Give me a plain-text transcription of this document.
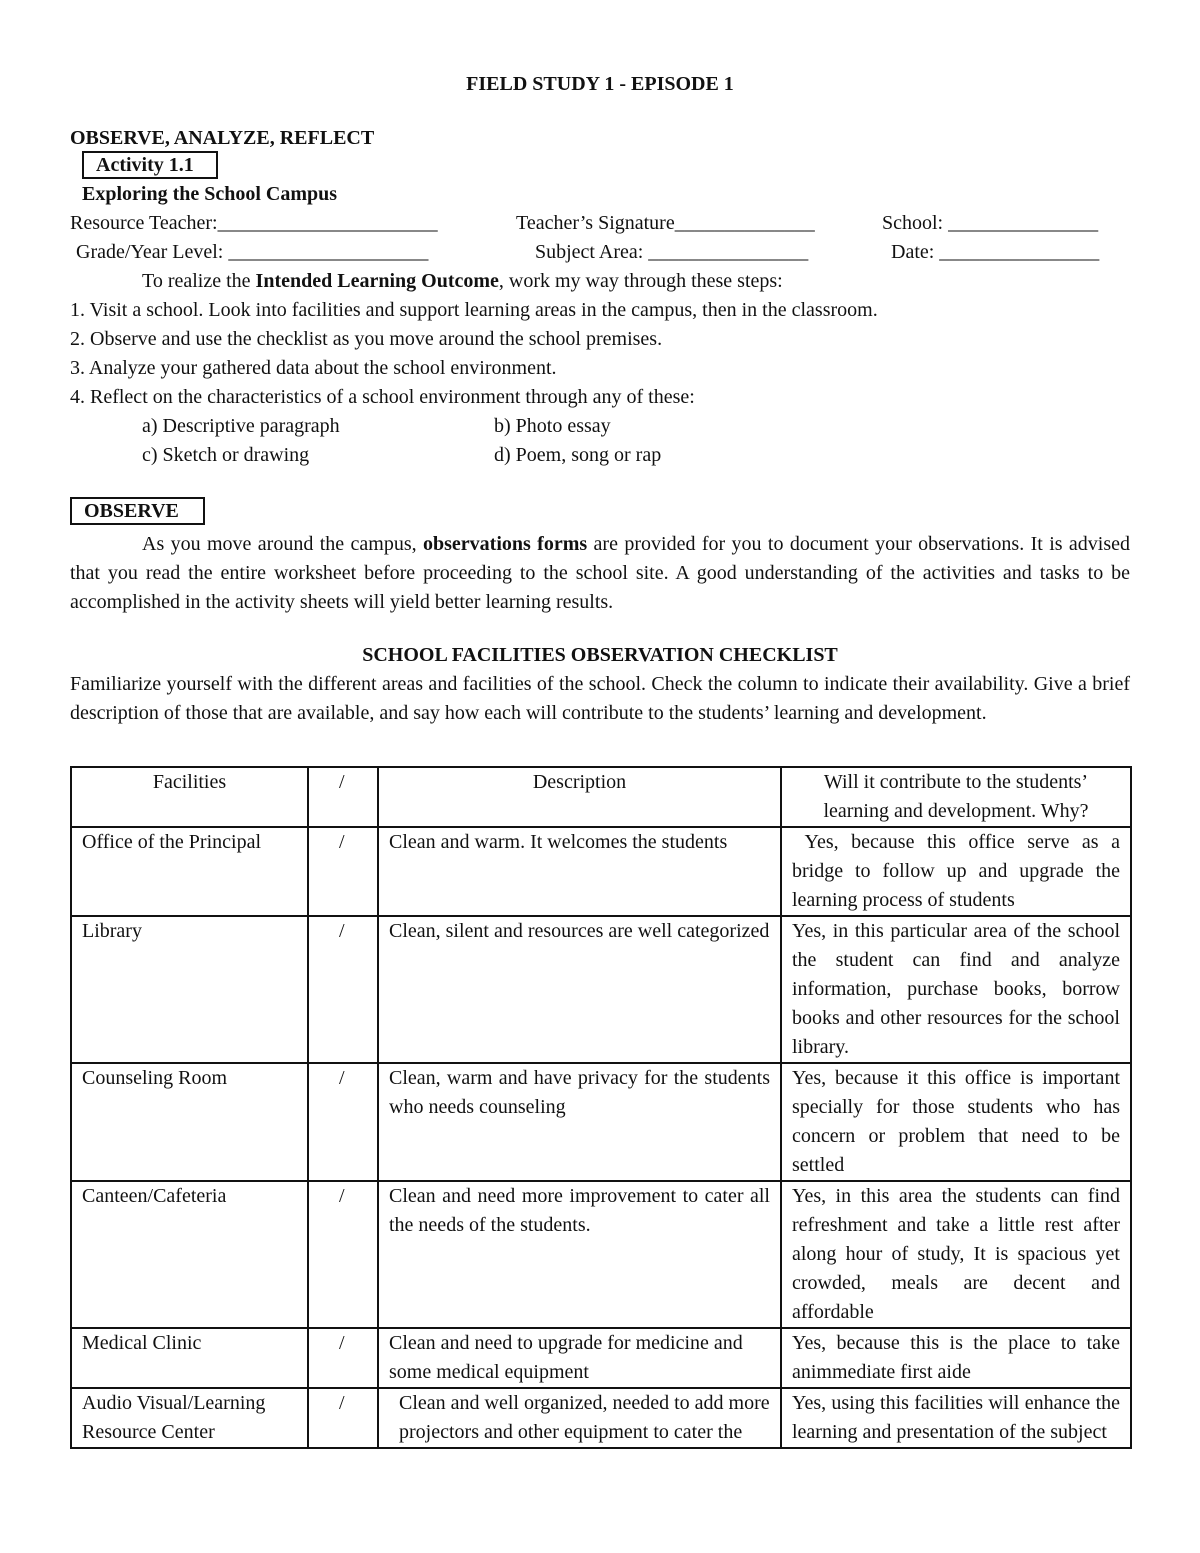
FIELD STUDY 1 - EPISODE 1

OBSERVE, ANALYZE, REFLECT
Activity 1.1
Exploring the School Campus
Resource Teacher:______________________	Teacher’s Signature______________	School: _______________
Grade/Year Level: ____________________	Subject Area: ________________	Date: ________________
To realize the Intended Learning Outcome, work my way through these steps:

1. Visit a school. Look into facilities and support learning areas in the campus, then in the classroom.

2. Observe and use the checklist as you move around the school premises.

3. Analyze your gathered data about the school environment.

4. Reflect on the characteristics of a school environment through any of these:

a) Descriptive paragraph	b) Photo essay
c) Sketch or drawing	d) Poem, song or rap
OBSERVE

As you move around the campus, observations forms are provided for you to document your observations. It is advised that you read the entire worksheet before proceeding to the school site. A good understanding of the activities and tasks to be accomplished in the activity sheets will yield better learning results.

SCHOOL FACILITIES OBSERVATION CHECKLIST

Familiarize yourself with the different areas and facilities of the school. Check the column to indicate their availability. Give a brief description of those that are available, and say how each will contribute to the students’ learning and development.

Facilities	/	Description	Will it contribute to the students’ learning and development. Why?
Office of the Principal	/	Clean and warm. It welcomes the students	Yes, because this office serve as a bridge to follow up and upgrade the learning process of students
Library	/	Clean, silent and resources are well categorized	Yes, in this particular area of the school the student can find and analyze information, purchase books, borrow books and other resources for the school library.
Counseling Room	/	Clean, warm and have privacy for the students who needs counseling	Yes, because it this office is important specially for those students who has concern or problem that need to be settled
Canteen/Cafeteria	/	Clean and need more improvement to cater all the needs of the students.	Yes, in this area the students can find refreshment and take a little rest after along hour of study, It is spacious yet crowded, meals are decent and affordable
Medical Clinic	/	Clean and need to upgrade for medicine and some medical equipment	Yes, because this is the place to take animmediate first aide
Audio Visual/Learning Resource Center	/	Clean and well organized, needed to add more projectors and other equipment to cater the	Yes, using this facilities will enhance the learning and presentation of the subject
